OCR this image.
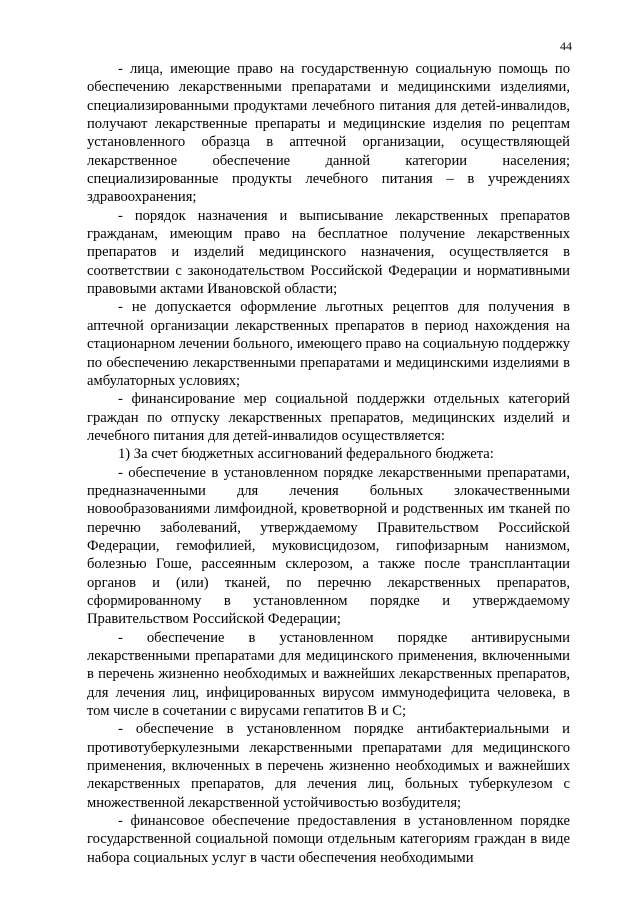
44

- лица, имеющие право на государственную социальную помощь по обеспечению лекарственными препаратами и медицинскими изделиями, специализированными продуктами лечебного питания для детей-инвалидов, получают лекарственные препараты и медицинские изделия по рецептам установленного образца в аптечной организации, осуществляющей лекарственное обеспечение данной категории населения; специализированные продукты лечебного питания – в учреждениях здравоохранения;

- порядок назначения и выписывание лекарственных препаратов гражданам, имеющим право на бесплатное получение лекарственных препаратов и изделий медицинского назначения, осуществляется в соответствии с законодательством Российской Федерации и нормативными правовыми актами Ивановской области;

- не допускается оформление льготных рецептов для получения в аптечной организации лекарственных препаратов в период нахождения на стационарном лечении больного, имеющего право на социальную поддержку по обеспечению лекарственными препаратами и медицинскими изделиями в амбулаторных условиях;

- финансирование мер социальной поддержки отдельных категорий граждан по отпуску лекарственных препаратов, медицинских изделий и лечебного питания для детей-инвалидов осуществляется:

1) За счет бюджетных ассигнований федерального бюджета:

- обеспечение в установленном порядке лекарственными препаратами, предназначенными для лечения больных злокачественными новообразованиями лимфоидной, кроветворной и родственных им тканей по перечню заболеваний, утверждаемому Правительством Российской Федерации, гемофилией, муковисцидозом, гипофизарным нанизмом, болезнью Гоше, рассеянным склерозом, а также после трансплантации органов и (или) тканей, по перечню лекарственных препаратов, сформированному в установленном порядке и утверждаемому Правительством Российской Федерации;

- обеспечение в установленном порядке антивирусными лекарственными препаратами для медицинского применения, включенными в перечень жизненно необходимых и важнейших лекарственных препаратов, для лечения лиц, инфицированных вирусом иммунодефицита человека, в том числе в сочетании с вирусами гепатитов B и C;

- обеспечение в установленном порядке антибактериальными и противотуберкулезными лекарственными препаратами для медицинского применения, включенных в перечень жизненно необходимых и важнейших лекарственных препаратов, для лечения лиц, больных туберкулезом с множественной лекарственной устойчивостью возбудителя;

- финансовое обеспечение предоставления в установленном порядке государственной социальной помощи отдельным категориям граждан в виде набора социальных услуг в части обеспечения необходимыми
